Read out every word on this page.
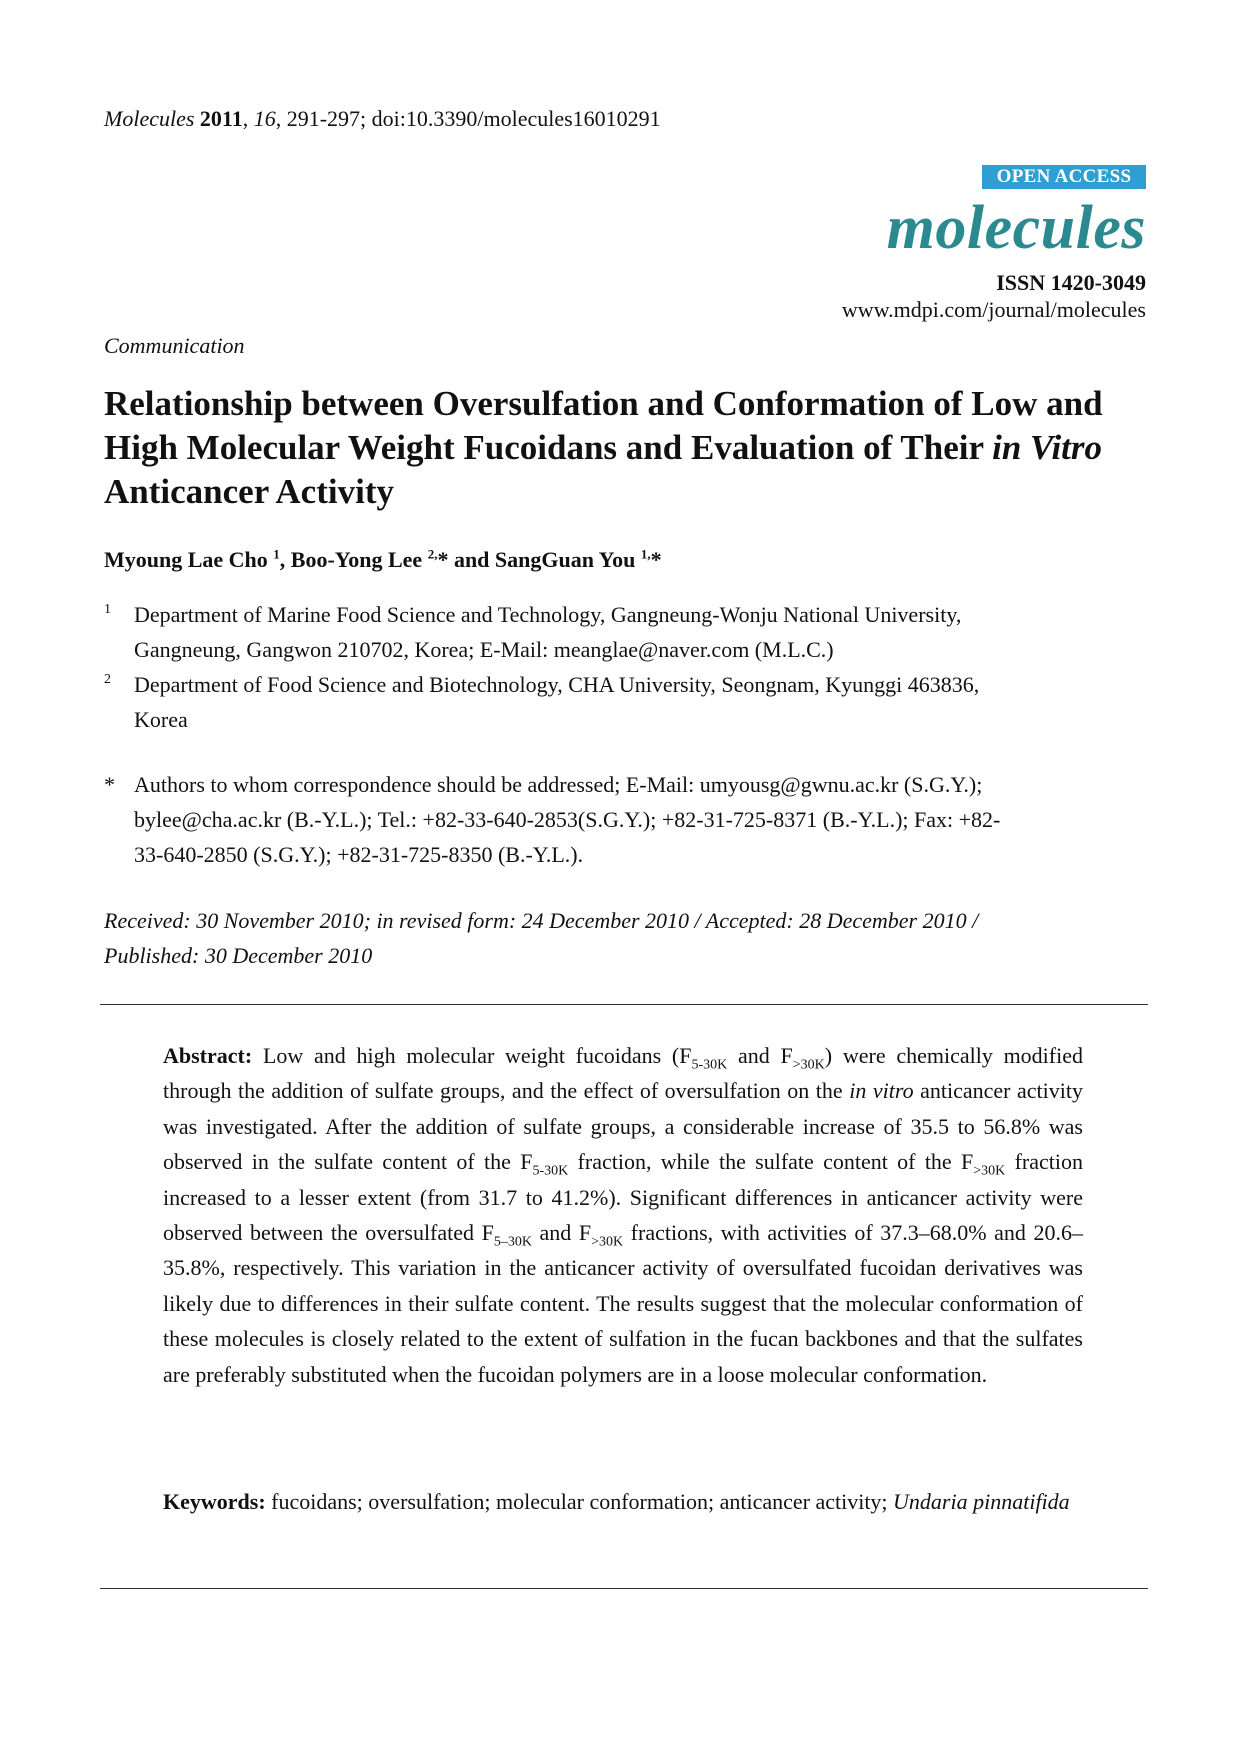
Molecules 2011, 16, 291-297; doi:10.3390/molecules16010291
OPEN ACCESS
molecules
ISSN 1420-3049
www.mdpi.com/journal/molecules
Communication
Relationship between Oversulfation and Conformation of Low and High Molecular Weight Fucoidans and Evaluation of Their in Vitro Anticancer Activity
Myoung Lae Cho $^1$, Boo-Yong Lee $^{2,}$* and SangGuan You $^{1,}$*
1	Department of Marine Food Science and Technology, Gangneung-Wonju National University,
Gangneung, Gangwon 210702, Korea; E-Mail: meanglae@naver.com (M.L.C.)
2	Department of Food Science and Biotechnology, CHA University, Seongnam, Kyunggi 463836,
Korea
* Authors to whom correspondence should be addressed; E-Mail: umyousg@gwnu.ac.kr (S.G.Y.);
bylee@cha.ac.kr (B.-Y.L.); Tel.: +82-33-640-2853(S.G.Y.); +82-31-725-8371 (B.-Y.L.); Fax: +82-
33-640-2850 (S.G.Y.); +82-31-725-8350 (B.-Y.L.).
Received: 30 November 2010; in revised form: 24 December 2010 / Accepted: 28 December 2010 /
Published: 30 December 2010
Abstract: Low and high molecular weight fucoidans ($F_{5-30K}$ and $F_{>30K}$) were chemically modified through the addition of sulfate groups, and the effect of oversulfation on the in vitro anticancer activity was investigated. After the addition of sulfate groups, a considerable increase of 35.5 to 56.8% was observed in the sulfate content of the $F_{5-30K}$ fraction, while the sulfate content of the $F_{>30K}$ fraction increased to a lesser extent (from 31.7 to 41.2%). Significant differences in anticancer activity were observed between the oversulfated $F_{5-30K}$ and $F_{>30K}$ fractions, with activities of 37.3–68.0% and 20.6–35.8%, respectively. This variation in the anticancer activity of oversulfated fucoidan derivatives was likely due to differences in their sulfate content. The results suggest that the molecular conformation of these molecules is closely related to the extent of sulfation in the fucan backbones and that the sulfates are preferably substituted when the fucoidan polymers are in a loose molecular conformation.
Keywords: fucoidans; oversulfation; molecular conformation; anticancer activity; Undaria pinnatifida
